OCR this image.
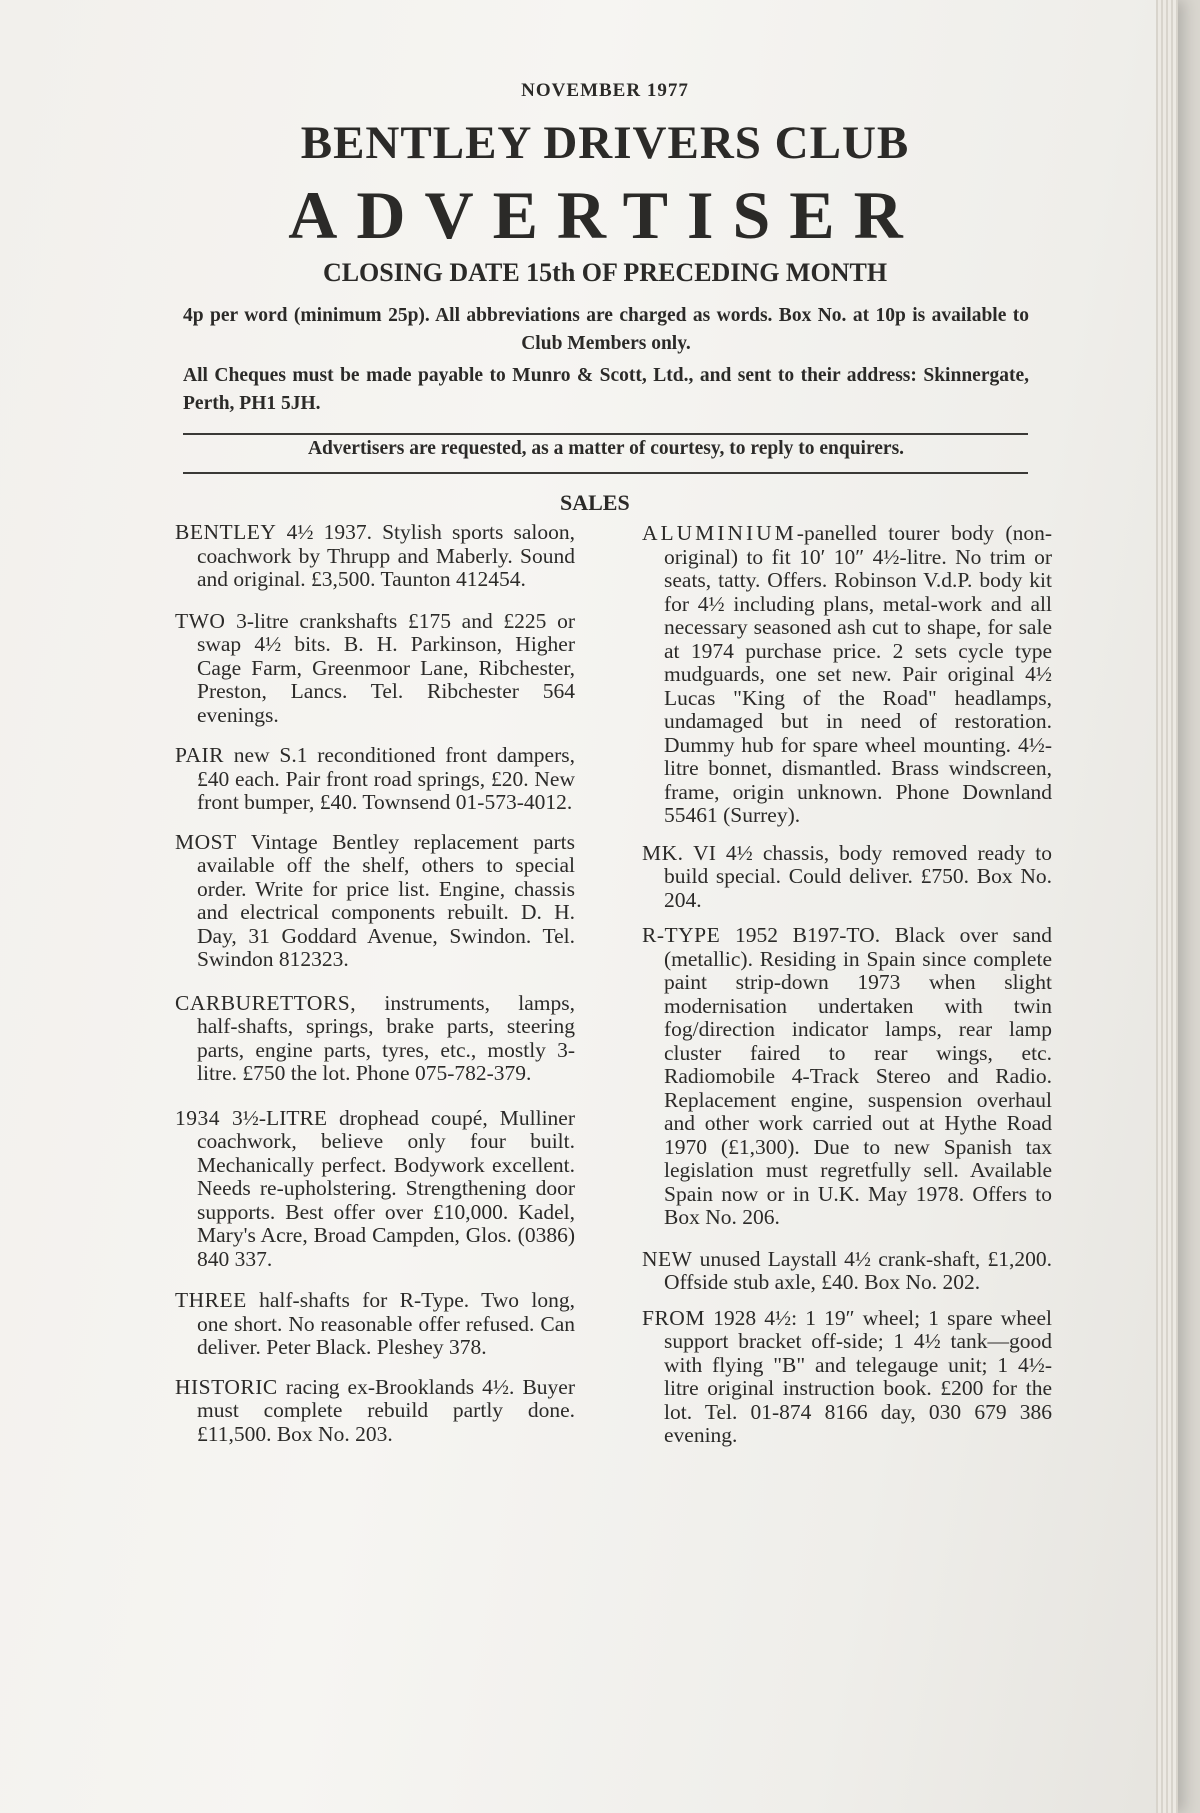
NOVEMBER 1977
BENTLEY DRIVERS CLUB
ADVERTISER
CLOSING DATE 15th OF PRECEDING MONTH
4p per word (minimum 25p). All abbreviations are charged as words. Box No. at 10p is available to Club Members only.
All Cheques must be made payable to Munro & Scott, Ltd., and sent to their address: Skinnergate, Perth, PH1 5JH.
Advertisers are requested, as a matter of courtesy, to reply to enquirers.
SALES

BENTLEY 4½ 1937. Stylish sports saloon, coachwork by Thrupp and Maberly. Sound and original. £3,500. Taunton 412454.

TWO 3-litre crankshafts £175 and £225 or swap 4½ bits. B. H. Parkinson, Higher Cage Farm, Greenmoor Lane, Ribchester, Preston, Lancs. Tel. Ribchester 564 evenings.

PAIR new S.1 reconditioned front dampers, £40 each. Pair front road springs, £20. New front bumper, £40. Townsend 01-573-4012.

MOST Vintage Bentley replacement parts available off the shelf, others to special order. Write for price list. Engine, chassis and electrical components rebuilt. D. H. Day, 31 Goddard Avenue, Swindon. Tel. Swindon 812323.

CARBURETTORS, instruments, lamps, half-shafts, springs, brake parts, steering parts, engine parts, tyres, etc., mostly 3-litre. £750 the lot. Phone 075-782-379.

1934 3½-LITRE drophead coupé, Mulliner coachwork, believe only four built. Mechanically perfect. Bodywork excellent. Needs re-upholstering. Strengthening door supports. Best offer over £10,000. Kadel, Mary's Acre, Broad Campden, Glos. (0386) 840 337.

THREE half-shafts for R-Type. Two long, one short. No reasonable offer refused. Can deliver. Peter Black. Pleshey 378.

HISTORIC racing ex-Brooklands 4½. Buyer must complete rebuild partly done. £11,500. Box No. 203.

ALUMINIUM-panelled tourer body (non-original) to fit 10′ 10″ 4½-litre. No trim or seats, tatty. Offers. Robinson V.d.P. body kit for 4½ including plans, metal-work and all necessary seasoned ash cut to shape, for sale at 1974 purchase price. 2 sets cycle type mudguards, one set new. Pair original 4½ Lucas "King of the Road" headlamps, undamaged but in need of restoration. Dummy hub for spare wheel mounting. 4½-litre bonnet, dismantled. Brass windscreen, frame, origin unknown. Phone Downland 55461 (Surrey).

MK. VI 4½ chassis, body removed ready to build special. Could deliver. £750. Box No. 204.

R-TYPE 1952 B197-TO. Black over sand (metallic). Residing in Spain since complete paint strip-down 1973 when slight modernisation undertaken with twin fog/direction indicator lamps, rear lamp cluster faired to rear wings, etc. Radiomobile 4-Track Stereo and Radio. Replacement engine, suspension overhaul and other work carried out at Hythe Road 1970 (£1,300). Due to new Spanish tax legislation must regretfully sell. Available Spain now or in U.K. May 1978. Offers to Box No. 206.

NEW unused Laystall 4½ crank-shaft, £1,200. Offside stub axle, £40. Box No. 202.

FROM 1928 4½: 1 19″ wheel; 1 spare wheel support bracket off-side; 1 4½ tank—good with flying "B" and telegauge unit; 1 4½-litre original instruction book. £200 for the lot. Tel. 01-874 8166 day, 030 679 386 evening.
